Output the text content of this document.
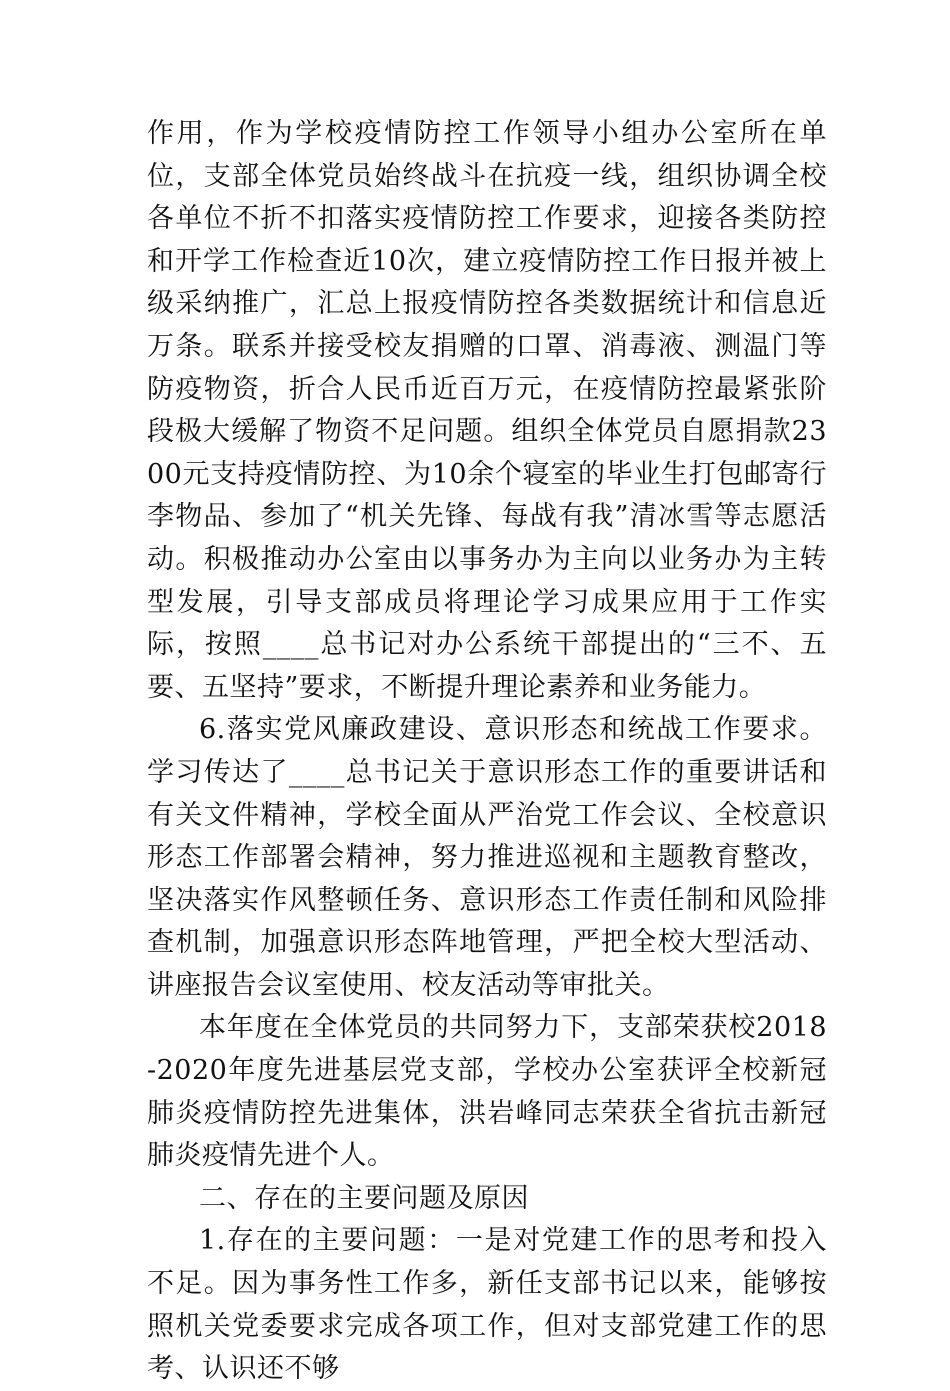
作用，作为学校疫情防控工作领导小组办公室所在单位，支部全体党员始终战斗在抗疫一线，组织协调全校各单位不折不扣落实疫情防控工作要求，迎接各类防控和开学工作检查近10次，建立疫情防控工作日报并被上级采纳推广，汇总上报疫情防控各类数据统计和信息近万条。联系并接受校友捐赠的口罩、消毒液、测温门等防疫物资，折合人民币近百万元，在疫情防控最紧张阶段极大缓解了物资不足问题。组织全体党员自愿捐款2300元支持疫情防控、为10余个寝室的毕业生打包邮寄行李物品、参加了“机关先锋、每战有我”清冰雪等志愿活动。积极推动办公室由以事务办为主向以业务办为主转型发展，引导支部成员将理论学习成果应用于工作实际，按照____总书记对办公系统干部提出的“三不、五要、五坚持”要求，不断提升理论素养和业务能力。

6.落实党风廉政建设、意识形态和统战工作要求。学习传达了____总书记关于意识形态工作的重要讲话和有关文件精神，学校全面从严治党工作会议、全校意识形态工作部署会精神，努力推进巡视和主题教育整改，坚决落实作风整顿任务、意识形态工作责任制和风险排查机制，加强意识形态阵地管理，严把全校大型活动、讲座报告会议室使用、校友活动等审批关。

本年度在全体党员的共同努力下，支部荣获校2018-2020年度先进基层党支部，学校办公室获评全校新冠肺炎疫情防控先进集体，洪岩峰同志荣获全省抗击新冠肺炎疫情先进个人。

二、存在的主要问题及原因

1.存在的主要问题：一是对党建工作的思考和投入不足。因为事务性工作多，新任支部书记以来，能够按照机关党委要求完成各项工作，但对支部党建工作的思考、认识还不够
